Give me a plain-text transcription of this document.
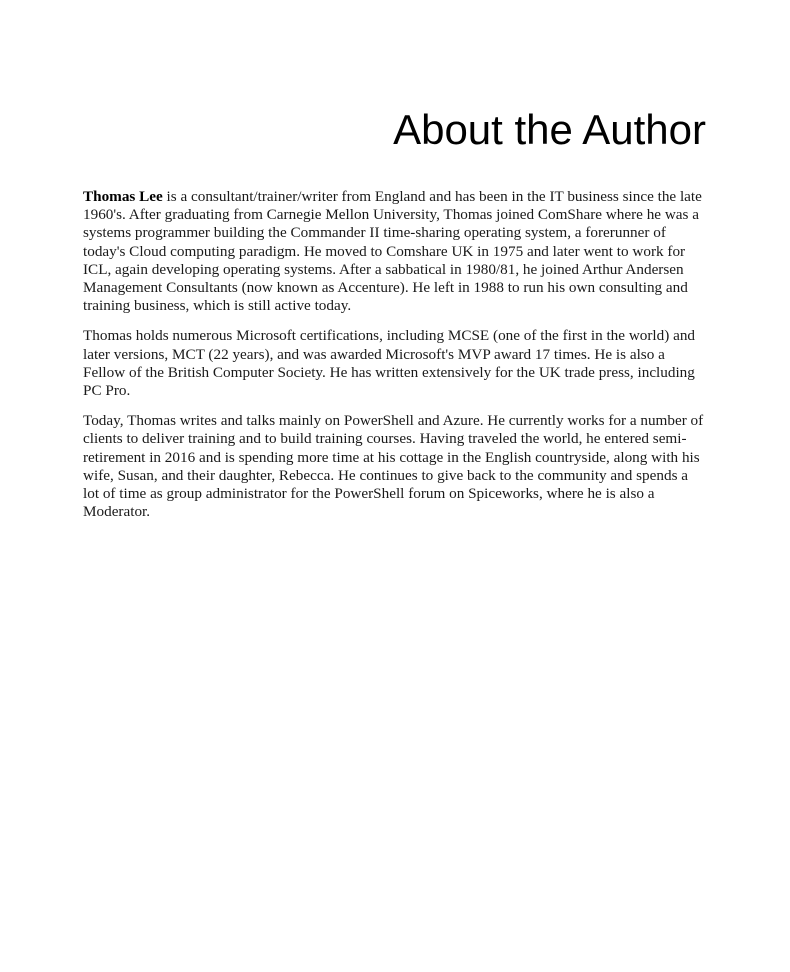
About the Author

Thomas Lee is a consultant/trainer/writer from England and has been in the IT business since the late 1960's. After graduating from Carnegie Mellon University, Thomas joined ComShare where he was a systems programmer building the Commander II time-sharing operating system, a forerunner of today's Cloud computing paradigm. He moved to Comshare UK in 1975 and later went to work for ICL, again developing operating systems. After a sabbatical in 1980/81, he joined Arthur Andersen Management Consultants (now known as Accenture). He left in 1988 to run his own consulting and training business, which is still active today.

Thomas holds numerous Microsoft certifications, including MCSE (one of the first in the world) and later versions, MCT (22 years), and was awarded Microsoft's MVP award 17 times. He is also a Fellow of the British Computer Society. He has written extensively for the UK trade press, including PC Pro.

Today, Thomas writes and talks mainly on PowerShell and Azure. He currently works for a number of clients to deliver training and to build training courses. Having traveled the world, he entered semi-retirement in 2016 and is spending more time at his cottage in the English countryside, along with his wife, Susan, and their daughter, Rebecca. He continues to give back to the community and spends a lot of time as group administrator for the PowerShell forum on Spiceworks, where he is also a Moderator.
